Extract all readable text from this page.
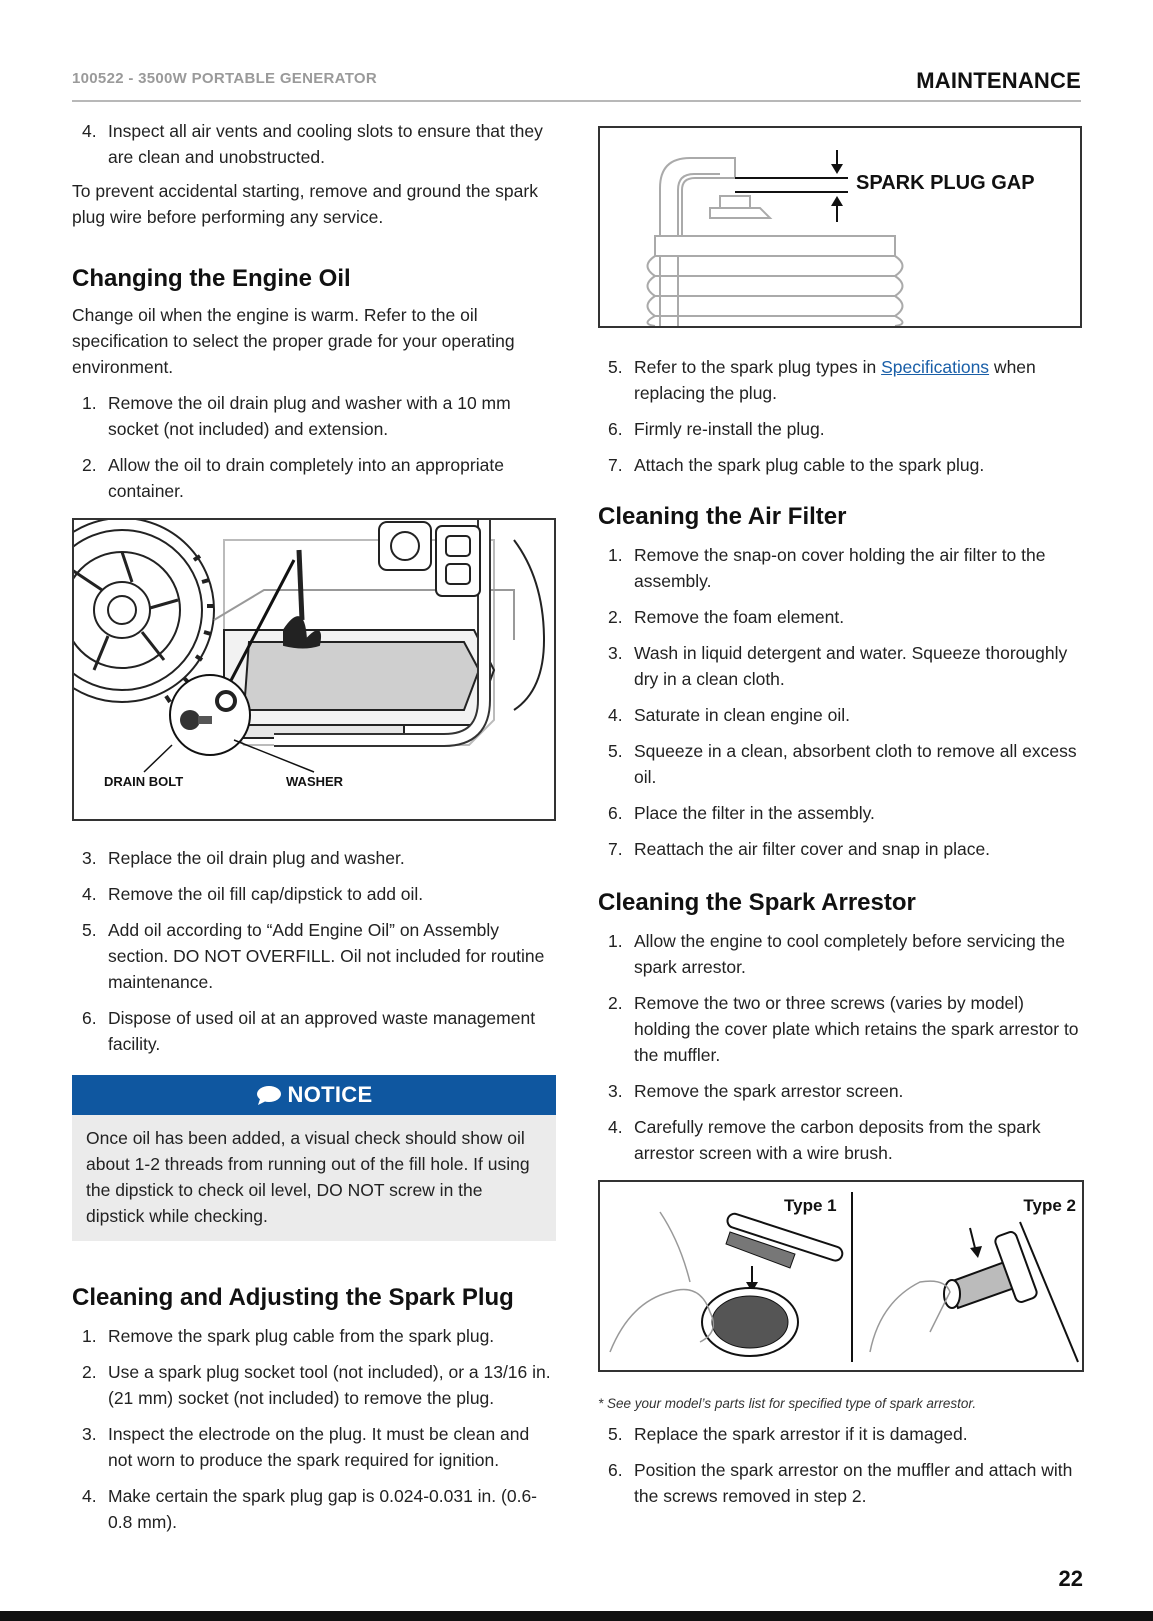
100522 - 3500W PORTABLE GENERATOR	MAINTENANCE
4. Inspect all air vents and cooling slots to ensure that they are clean and unobstructed.

To prevent accidental starting, remove and ground the spark plug wire before performing any service.

Changing the Engine Oil

Change oil when the engine is warm. Refer to the oil specification to select the proper grade for your operating environment.

1. Remove the oil drain plug and washer with a 10 mm socket (not included) and extension.
2. Allow the oil to drain completely into an appropriate container.
DRAIN BOLT	WASHER
3. Replace the oil drain plug and washer.
4. Remove the oil fill cap/dipstick to add oil.
5. Add oil according to “Add Engine Oil” on Assembly section. DO NOT OVERFILL. Oil not included for routine maintenance.
6. Dispose of used oil at an approved waste management facility.
NOTICE

Once oil has been added, a visual check should show oil about 1-2 threads from running out of the fill hole. If using the dipstick to check oil level, DO NOT screw in the dipstick while checking.

Cleaning and Adjusting the Spark Plug
1. Remove the spark plug cable from the spark plug.
2. Use a spark plug socket tool (not included), or a 13/16 in. (21 mm) socket (not included) to remove the plug.
3. Inspect the electrode on the plug. It must be clean and not worn to produce the spark required for ignition.
4. Make certain the spark plug gap is 0.024-0.031 in. (0.6-0.8 mm).
SPARK PLUG GAP
5. Refer to the spark plug types in Specifications when replacing the plug.
6. Firmly re-install the plug.
7. Attach the spark plug cable to the spark plug.
Cleaning the Air Filter
1. Remove the snap-on cover holding the air filter to the assembly.
2. Remove the foam element.
3. Wash in liquid detergent and water. Squeeze thoroughly dry in a clean cloth.
4. Saturate in clean engine oil.
5. Squeeze in a clean, absorbent cloth to remove all excess oil.
6. Place the filter in the assembly.
7. Reattach the air filter cover and snap in place.
Cleaning the Spark Arrestor
1. Allow the engine to cool completely before servicing the spark arrestor.
2. Remove the two or three screws (varies by model) holding the cover plate which retains the spark arrestor to the muffler.
3. Remove the spark arrestor screen.
4. Carefully remove the carbon deposits from the spark arrestor screen with a wire brush.
Type 1	Type 2
* See your model’s parts list for specified type of spark arrestor.
5. Replace the spark arrestor if it is damaged.
6. Position the spark arrestor on the muffler and attach with the screws removed in step 2.
22
